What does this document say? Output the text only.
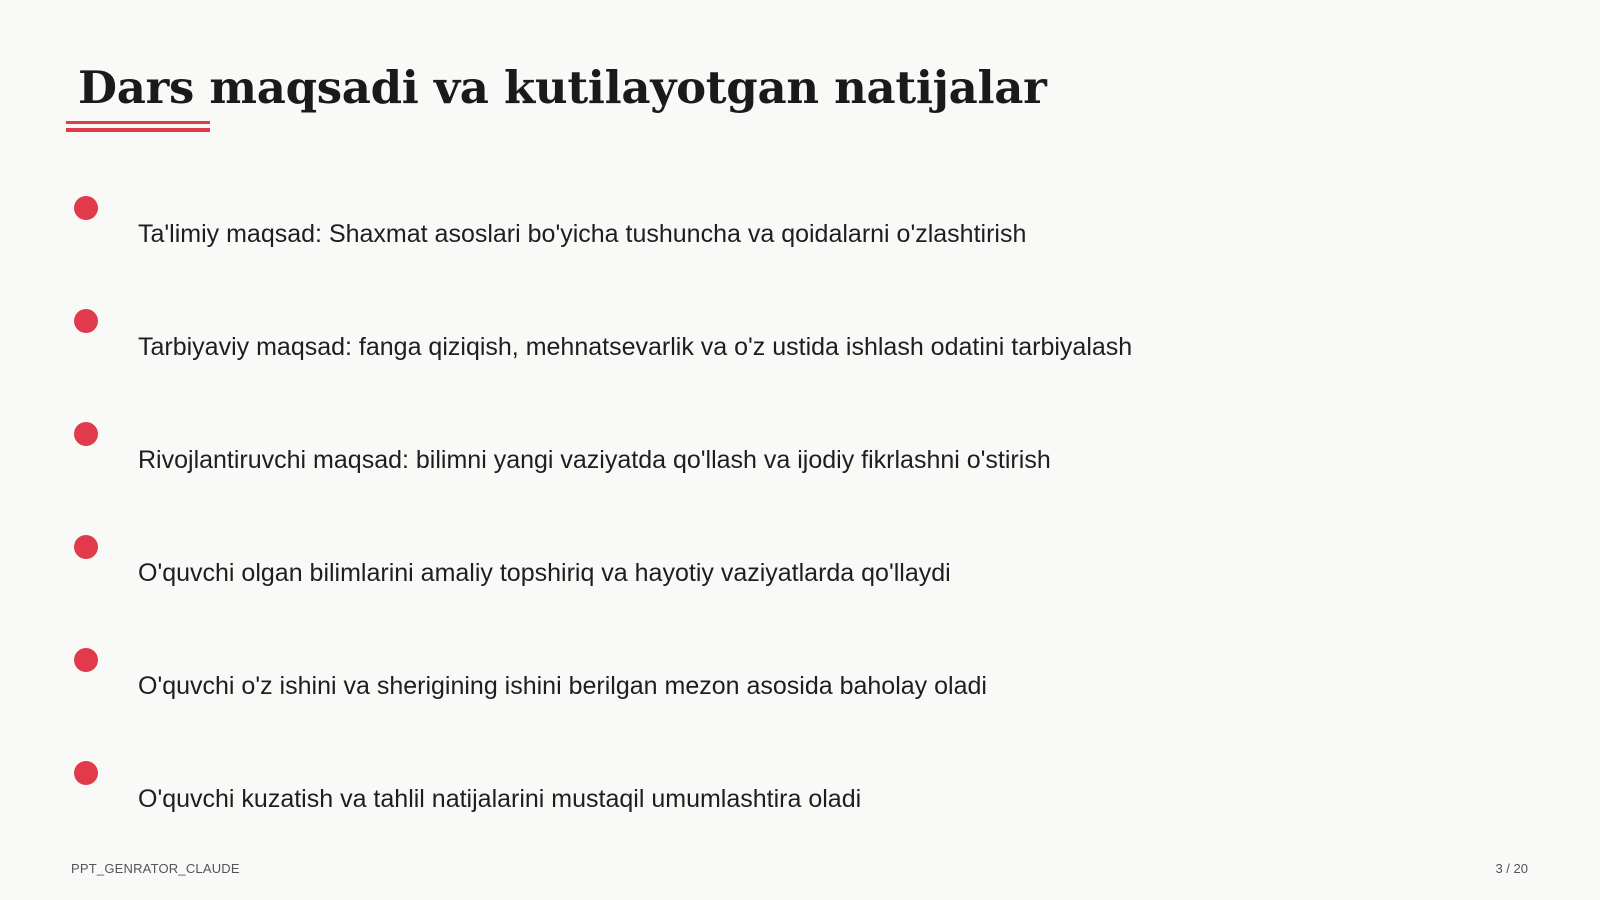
Dars maqsadi va kutilayotgan natijalar
Ta'limiy maqsad: Shaxmat asoslari bo'yicha tushuncha va qoidalarni o'zlashtirish
Tarbiyaviy maqsad: fanga qiziqish, mehnatsevarlik va o'z ustida ishlash odatini tarbiyalash
Rivojlantiruvchi maqsad: bilimni yangi vaziyatda qo'llash va ijodiy fikrlashni o'stirish
O'quvchi olgan bilimlarini amaliy topshiriq va hayotiy vaziyatlarda qo'llaydi
O'quvchi o'z ishini va sherigining ishini berilgan mezon asosida baholay oladi
O'quvchi kuzatish va tahlil natijalarini mustaqil umumlashtira oladi
PPT_GENRATOR_CLAUDE	3 / 20
